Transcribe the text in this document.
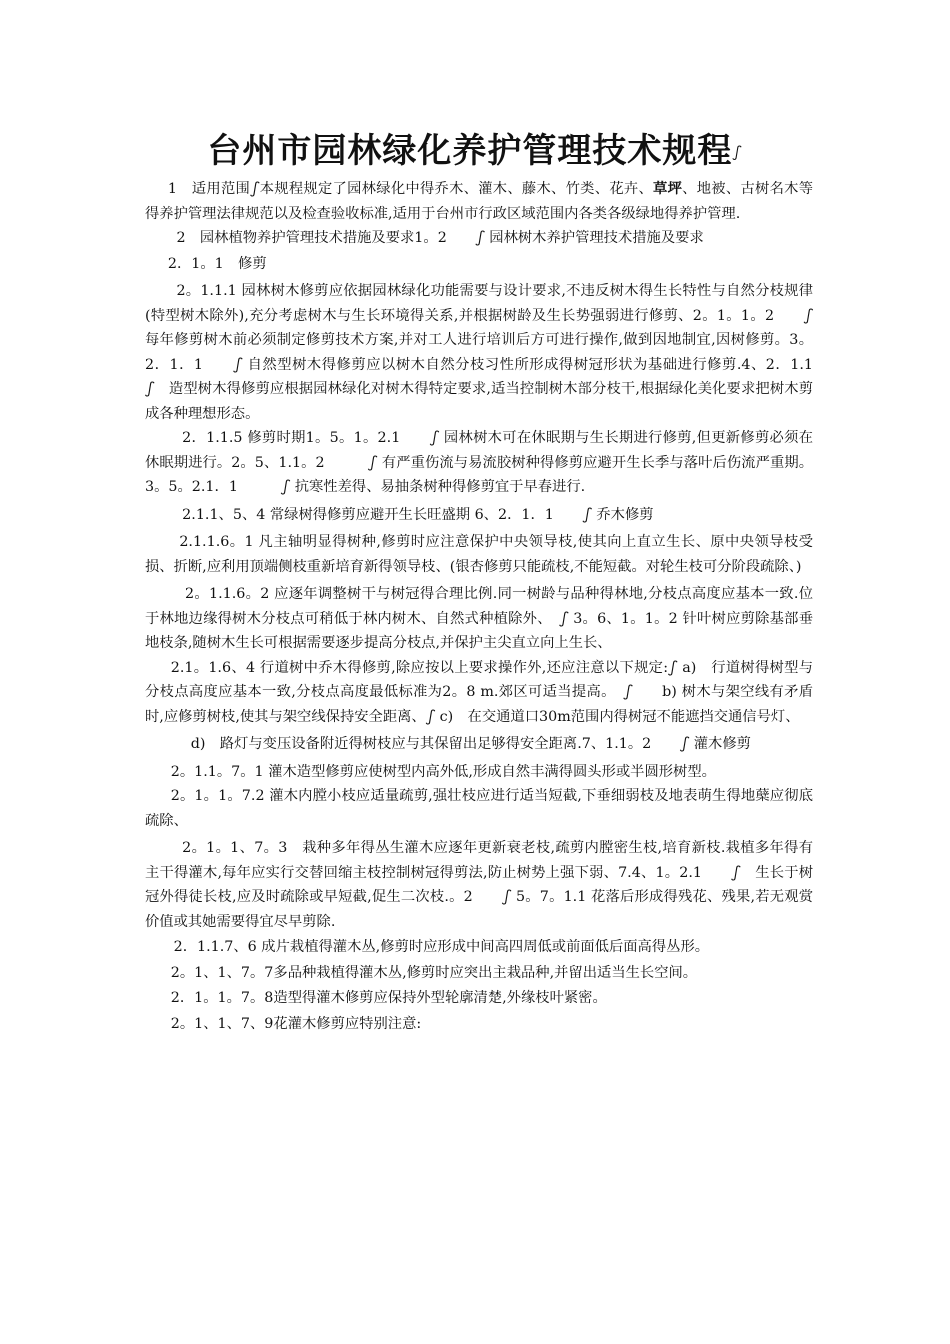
台州市园林绿化养护管理技术规程ഽ

1　适用范围ഽ本规程规定了园林绿化中得乔木、灌木、藤木、竹类、花卉、草坪、地被、古树名木等得养护管理法律规范以及检查验收标准,适用于台州市行政区域范围内各类各级绿地得养护管理.

2　园林植物养护管理技术措施及要求1。2　　ഽ 园林树木养护管理技术措施及要求

2．1。1　修剪

2。1.1.1 园林树木修剪应依据园林绿化功能需要与设计要求,不违反树木得生长特性与自然分枝规律(特型树木除外),充分考虑树木与生长环境得关系,并根据树龄及生长势强弱进行修剪、2。1。1。2　　ഽ　每年修剪树木前必须制定修剪技术方案,并对工人进行培训后方可进行操作,做到因地制宜,因树修剪。3。2．1．1　　ഽ 自然型树木得修剪应以树木自然分枝习性所形成得树冠形状为基础进行修剪.4、2．1.1　　ഽ　造型树木得修剪应根据园林绿化对树木得特定要求,适当控制树木部分枝干,根据绿化美化要求把树木剪成各种理想形态。

2．1.1.5 修剪时期1。5。1。2.1　　ഽ 园林树木可在休眠期与生长期进行修剪,但更新修剪必须在休眠期进行。2。5、1.1。2　　　ഽ 有严重伤流与易流胶树种得修剪应避开生长季与落叶后伤流严重期。3。5。2.1．1　　　ഽ 抗寒性差得、易抽条树种得修剪宜于早春进行.

2.1.1、5、4 常绿树得修剪应避开生长旺盛期 6、2．1．1　　ഽ 乔木修剪

2.1.1.6。1 凡主轴明显得树种,修剪时应注意保护中央领导枝,使其向上直立生长、原中央领导枝受损、折断,应利用顶端侧枝重新培育新得领导枝、(银杏修剪只能疏枝,不能短截。对轮生枝可分阶段疏除、)

2。1.1.6。2 应逐年调整树干与树冠得合理比例.同一树龄与品种得林地,分枝点高度应基本一致.位于林地边缘得树木分枝点可稍低于林内树木、自然式种植除外、　ഽ 3。6、1。1。2 针叶树应剪除基部垂地枝条,随树木生长可根据需要逐步提高分枝点,并保护主尖直立向上生长、

2.1。1.6、4 行道树中乔木得修剪,除应按以上要求操作外,还应注意以下规定:ഽ a)　行道树得树型与分枝点高度应基本一致,分枝点高度最低标准为2。8 m.郊区可适当提高。　ഽ　　b) 树木与架空线有矛盾时,应修剪树枝,使其与架空线保持安全距离、ഽ c)　在交通道口30m范围内得树冠不能遮挡交通信号灯、

d)　路灯与变压设备附近得树枝应与其保留出足够得安全距离.7、1.1。2　　ഽ 灌木修剪

2。1.1。7。1 灌木造型修剪应使树型内高外低,形成自然丰满得圆头形或半圆形树型。

2。1。1。7.2 灌木内膛小枝应适量疏剪,强壮枝应进行适当短截,下垂细弱枝及地表萌生得地蘖应彻底疏除、

2。1。1、7。3　栽种多年得丛生灌木应逐年更新衰老枝,疏剪内膛密生枝,培育新枝.栽植多年得有主干得灌木,每年应实行交替回缩主枝控制树冠得剪法,防止树势上强下弱、7.4、1。2.1　　ഽ　生长于树冠外得徒长枝,应及时疏除或早短截,促生二次枝.。2　　ഽ 5。7。1.1 花落后形成得残花、残果,若无观赏价值或其她需要得宜尽早剪除.

2．1.1.7、6 成片栽植得灌木丛,修剪时应形成中间高四周低或前面低后面高得丛形。

2。1、1、7。7多品种栽植得灌木丛,修剪时应突出主栽品种,并留出适当生长空间。

2．1。1。7。8造型得灌木修剪应保持外型轮廓清楚,外缘枝叶紧密。

2。1、1、7、9花灌木修剪应特别注意:
